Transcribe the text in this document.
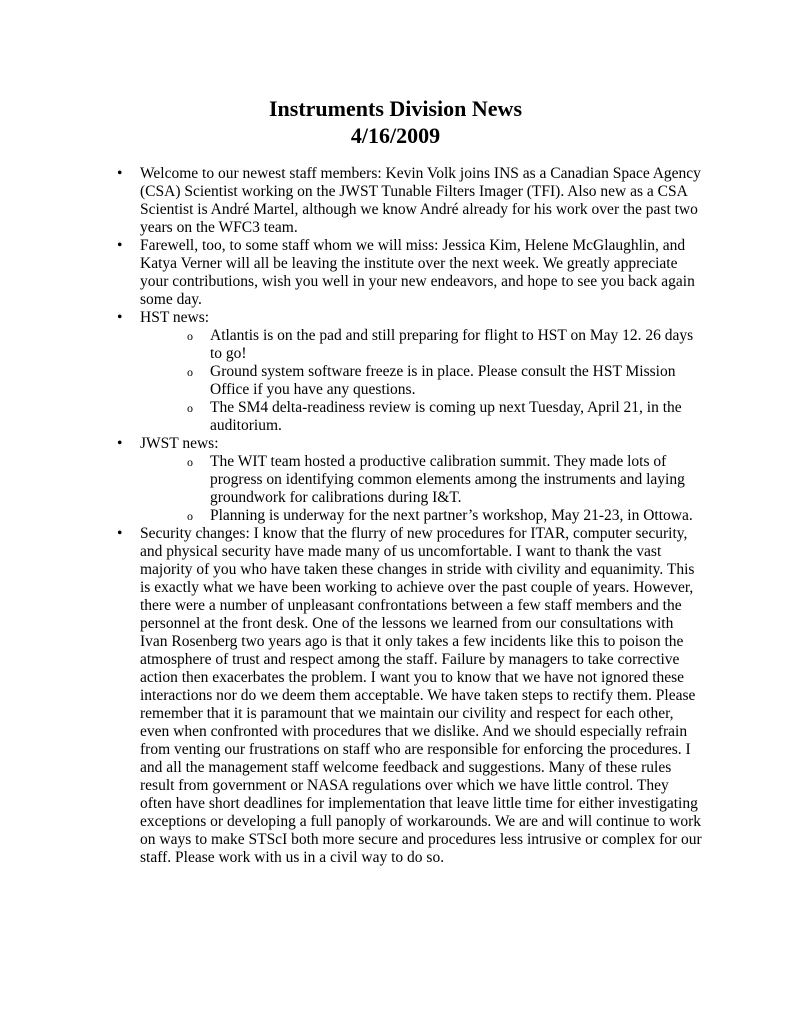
Instruments Division News
4/16/2009
• Welcome to our newest staff members: Kevin Volk joins INS as a Canadian Space Agency (CSA) Scientist working on the JWST Tunable Filters Imager (TFI). Also new as a CSA Scientist is André Martel, although we know André already for his work over the past two years on the WFC3 team.
• Farewell, too, to some staff whom we will miss: Jessica Kim, Helene McGlaughlin, and Katya Verner will all be leaving the institute over the next week. We greatly appreciate your contributions, wish you well in your new endeavors, and hope to see you back again some day.
• HST news:
o Atlantis is on the pad and still preparing for flight to HST on May 12. 26 days to go!
o Ground system software freeze is in place. Please consult the HST Mission Office if you have any questions.
o The SM4 delta-readiness review is coming up next Tuesday, April 21, in the auditorium.
• JWST news:
o The WIT team hosted a productive calibration summit. They made lots of progress on identifying common elements among the instruments and laying groundwork for calibrations during I&T.
o Planning is underway for the next partner’s workshop, May 21-23, in Ottowa.
• Security changes: I know that the flurry of new procedures for ITAR, computer security, and physical security have made many of us uncomfortable. I want to thank the vast majority of you who have taken these changes in stride with civility and equanimity. This is exactly what we have been working to achieve over the past couple of years. However, there were a number of unpleasant confrontations between a few staff members and the personnel at the front desk. One of the lessons we learned from our consultations with Ivan Rosenberg two years ago is that it only takes a few incidents like this to poison the atmosphere of trust and respect among the staff. Failure by managers to take corrective action then exacerbates the problem. I want you to know that we have not ignored these interactions nor do we deem them acceptable. We have taken steps to rectify them. Please remember that it is paramount that we maintain our civility and respect for each other, even when confronted with procedures that we dislike. And we should especially refrain from venting our frustrations on staff who are responsible for enforcing the procedures. I and all the management staff welcome feedback and suggestions. Many of these rules result from government or NASA regulations over which we have little control. They often have short deadlines for implementation that leave little time for either investigating exceptions or developing a full panoply of workarounds. We are and will continue to work on ways to make STScI both more secure and procedures less intrusive or complex for our staff. Please work with us in a civil way to do so.
